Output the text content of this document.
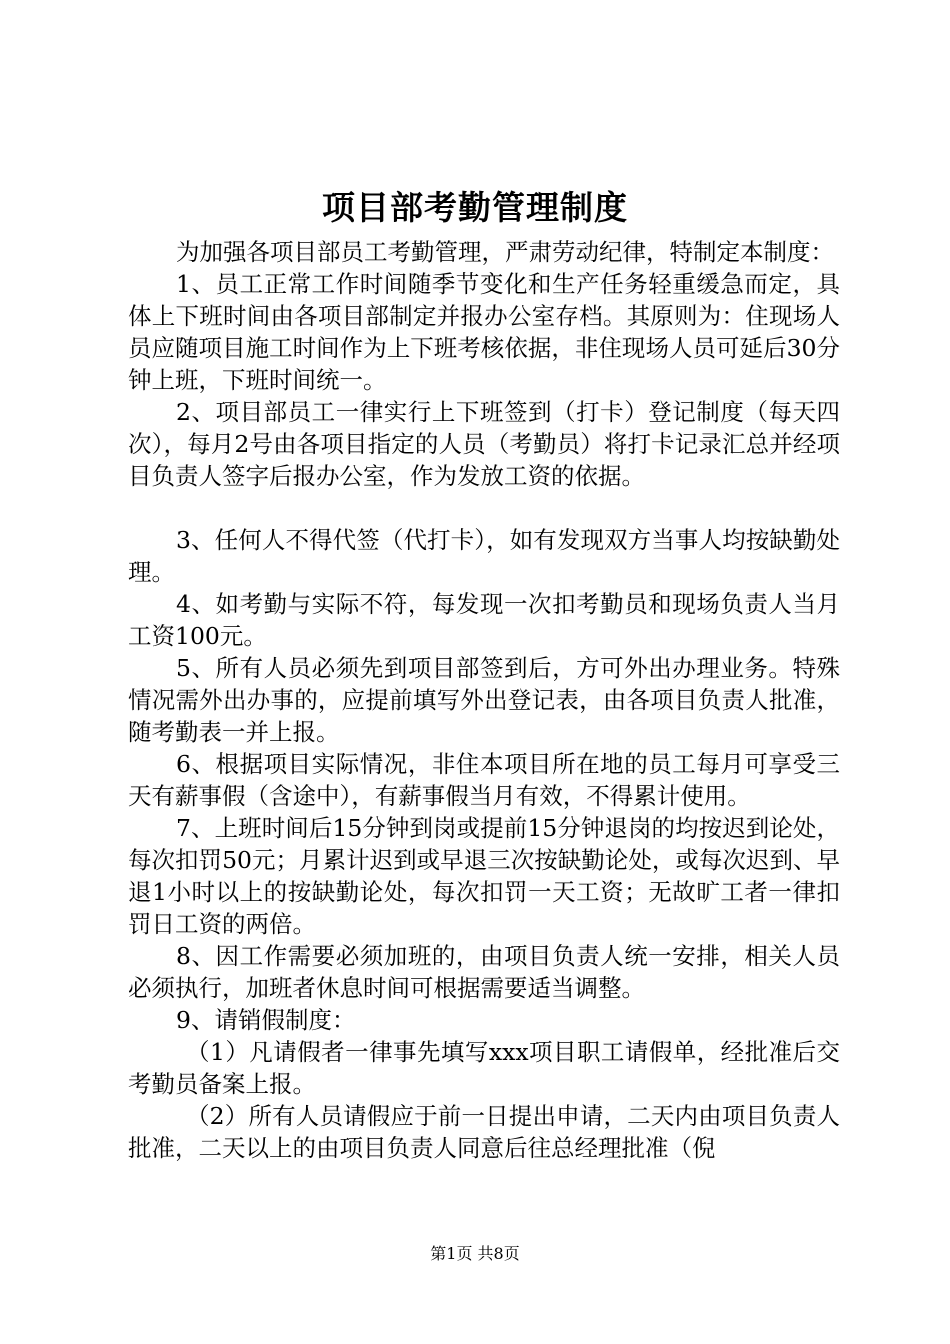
项目部考勤管理制度

为加强各项目部员工考勤管理，严肃劳动纪律，特制定本制度：

1、员工正常工作时间随季节变化和生产任务轻重缓急而定，具体上下班时间由各项目部制定并报办公室存档。其原则为：住现场人员应随项目施工时间作为上下班考核依据，非住现场人员可延后30分钟上班，下班时间统一。

2、项目部员工一律实行上下班签到（打卡）登记制度（每天四次），每月2号由各项目指定的人员（考勤员）将打卡记录汇总并经项目负责人签字后报办公室，作为发放工资的依据。

3、任何人不得代签（代打卡），如有发现双方当事人均按缺勤处理。

4、如考勤与实际不符，每发现一次扣考勤员和现场负责人当月工资100元。

5、所有人员必须先到项目部签到后，方可外出办理业务。特殊情况需外出办事的，应提前填写外出登记表，由各项目负责人批准，随考勤表一并上报。

6、根据项目实际情况，非住本项目所在地的员工每月可享受三天有薪事假（含途中），有薪事假当月有效，不得累计使用。

7、上班时间后15分钟到岗或提前15分钟退岗的均按迟到论处，每次扣罚50元；月累计迟到或早退三次按缺勤论处，或每次迟到、早退1小时以上的按缺勤论处，每次扣罚一天工资；无故旷工者一律扣罚日工资的两倍。

8、因工作需要必须加班的，由项目负责人统一安排，相关人员必须执行，加班者休息时间可根据需要适当调整。

9、请销假制度：

（1）凡请假者一律事先填写xxx项目职工请假单，经批准后交考勤员备案上报。

（2）所有人员请假应于前一日提出申请，二天内由项目负责人批准，二天以上的由项目负责人同意后往总经理批准（倪

第1页 共8页
